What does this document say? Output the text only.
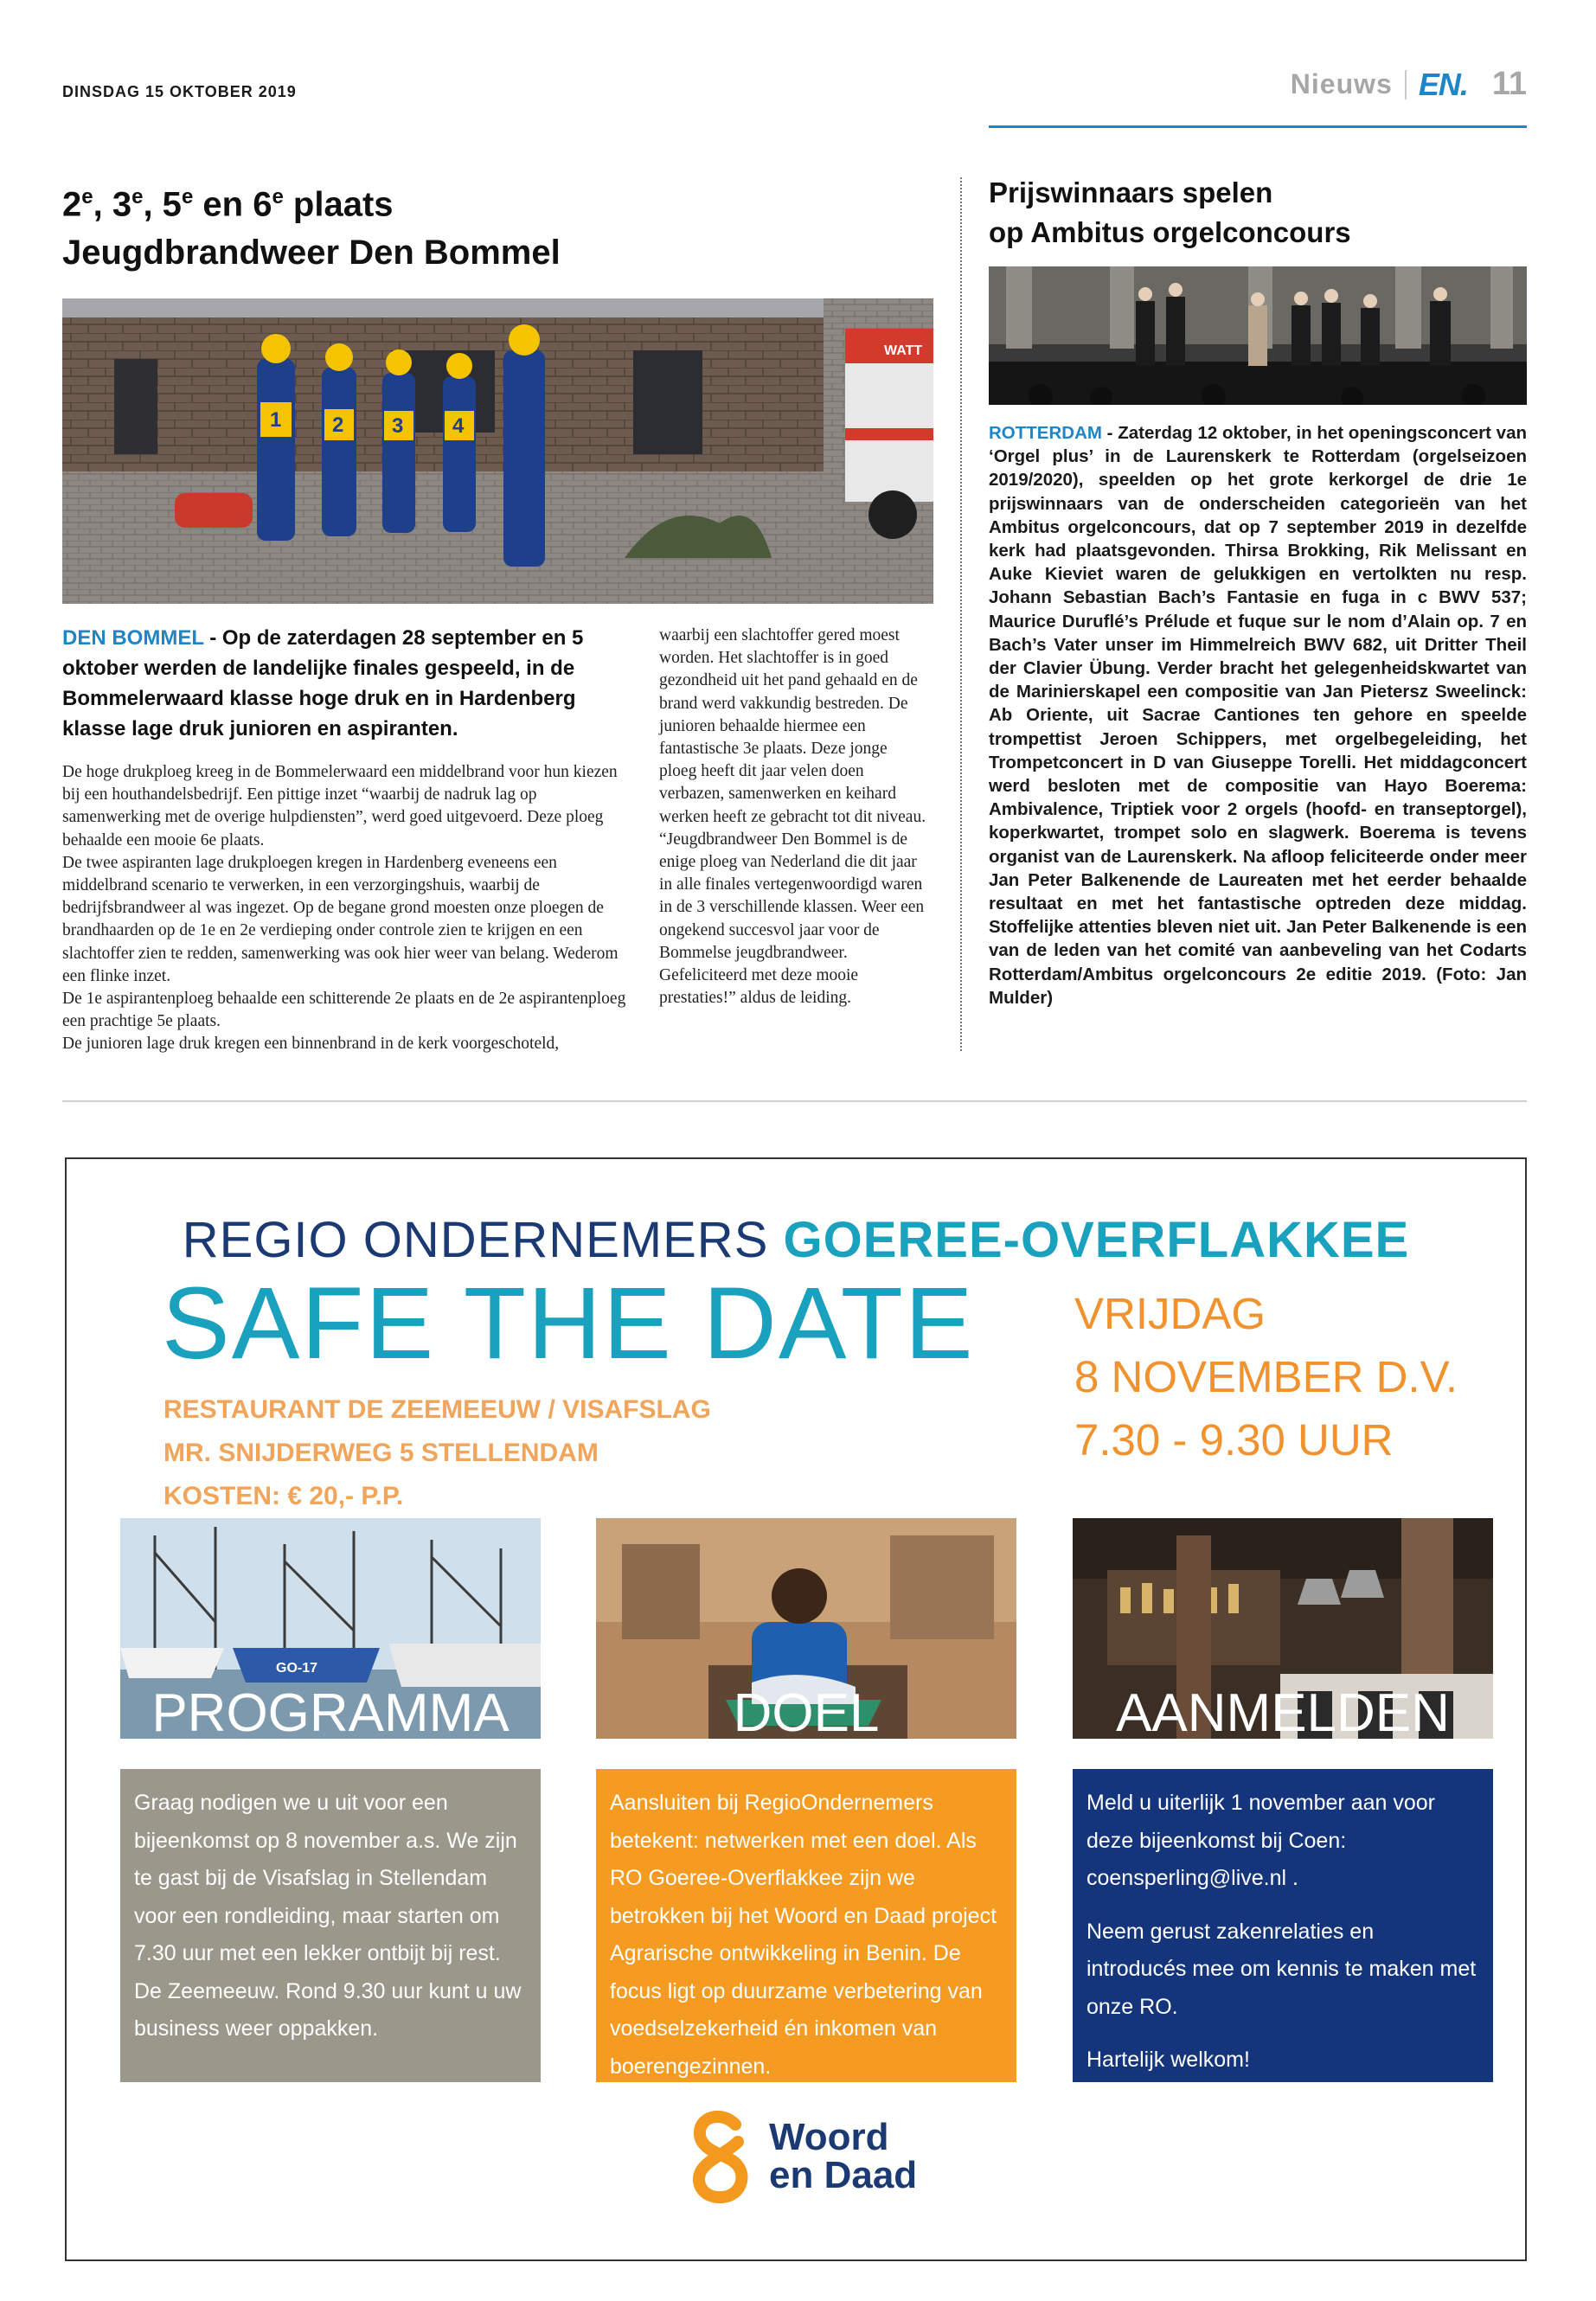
DINSDAG 15 OKTOBER 2019	Nieuws EN. 11
2e, 3e, 5e en 6e plaats
Jeugdbrandweer Den Bommel
WATT
1 2 3 4
DEN BOMMEL - Op de zaterdagen 28 september en 5 oktober werden de landelijke finales gespeeld, in de Bommelerwaard klasse hoge druk en in Hardenberg klasse lage druk junioren en aspiranten.

De hoge drukploeg kreeg in de Bommelerwaard een middelbrand voor hun kiezen bij een houthandelsbedrijf. Een pittige inzet “waarbij de nadruk lag op samenwerking met de overige hulpdiensten”, werd goed uitgevoerd. Deze ploeg behaalde een mooie 6e plaats.
De twee aspiranten lage drukploegen kregen in Hardenberg eveneens een middelbrand scenario te verwerken, in een verzorgingshuis, waarbij de bedrijfsbrandweer al was ingezet. Op de begane grond moesten onze ploegen de brandhaarden op de 1e en 2e verdieping onder controle zien te krijgen en een slachtoffer zien te redden, samenwerking was ook hier weer van belang. Wederom een flinke inzet.
De 1e aspirantenploeg behaalde een schitterende 2e plaats en de 2e aspirantenploeg een prachtige 5e plaats.
De junioren lage druk kregen een binnenbrand in de kerk voorgeschoteld,

waarbij een slachtoffer gered moest worden. Het slachtoffer is in goed gezondheid uit het pand gehaald en de brand werd vakkundig bestreden. De junioren behaalde hiermee een fantastische 3e plaats. Deze jonge ploeg heeft dit jaar velen doen verbazen, samenwerken en keihard werken heeft ze gebracht tot dit niveau. “Jeugdbrandweer Den Bommel is de enige ploeg van Nederland die dit jaar in alle finales vertegenwoordigd waren in de 3 verschillende klassen. Weer een ongekend succesvol jaar voor de Bommelse jeugdbrandweer. Gefeliciteerd met deze mooie prestaties!” aldus de leiding.

Prijswinnaars spelen
op Ambitus orgelconcours
ROTTERDAM - Zaterdag 12 oktober, in het openingsconcert van ‘Orgel plus’ in de Laurenskerk te Rotterdam (orgelseizoen 2019/2020), speelden op het grote kerkorgel de drie 1e prijswinnaars van de onderscheiden categorieën van het Ambitus orgelconcours, dat op 7 september 2019 in dezelfde kerk had plaatsgevonden. Thirsa Brokking, Rik Melissant en Auke Kieviet waren de gelukkigen en vertolkten nu resp. Johann Sebastian Bach’s Fantasie en fuga in c BWV 537; Maurice Duruflé’s Prélude et fuque sur le nom d’Alain op. 7 en Bach’s Vater unser im Himmelreich BWV 682, uit Dritter Theil der Clavier Übung. Verder bracht het gelegenheidskwartet van de Marinierskapel een compositie van Jan Pietersz Sweelinck: Ab Oriente, uit Sacrae Cantiones ten gehore en speelde trompettist Jeroen Schippers, met orgelbegeleiding, het Trompetconcert in D van Giuseppe Torelli. Het middagconcert werd besloten met de compositie van Hayo Boerema: Ambivalence, Triptiek voor 2 orgels (hoofd- en transeptorgel), koperkwartet, trompet solo en slagwerk. Boerema is tevens organist van de Laurenskerk. Na afloop feliciteerde onder meer Jan Peter Balkenende de Laureaten met het eerder behaalde resultaat en met het fantastische optreden deze middag. Stoffelijke attenties bleven niet uit. Jan Peter Balkenende is een van de leden van het comité van aanbeveling van het Codarts Rotterdam/Ambitus orgelconcours 2e editie 2019. (Foto: Jan Mulder)
REGIO ONDERNEMERS GOEREE-OVERFLAKKEE
SAFE THE DATE
RESTAURANT DE ZEEMEEUW / VISAFSLAG
MR. SNIJDERWEG 5 STELLENDAM
KOSTEN: € 20,- P.P.
VRIJDAG
8 NOVEMBER D.V.
7.30 - 9.30 UUR
GO-17
PROGRAMMA	DOEL	AANMELDEN

Graag nodigen we u uit voor een bijeenkomst op 8 november a.s. We zijn te gast bij de Visafslag in Stellendam voor een rondleiding, maar starten om 7.30 uur met een lekker ontbijt bij rest. De Zeemeeuw. Rond 9.30 uur kunt u uw business weer oppakken.

Aansluiten bij RegioOndernemers betekent: netwerken met een doel. Als RO Goeree-Overflakkee zijn we betrokken bij het Woord en Daad project Agrarische ontwikkeling in Benin. De focus ligt op duurzame verbetering van voedselzekerheid én inkomen van boerengezinnen.

Meld u uiterlijk 1 november aan voor deze bijeenkomst bij Coen: coensperling@live.nl .

Neem gerust zakenrelaties en introducés mee om kennis te maken met onze RO.

Hartelijk welkom!

Woord
en Daad
